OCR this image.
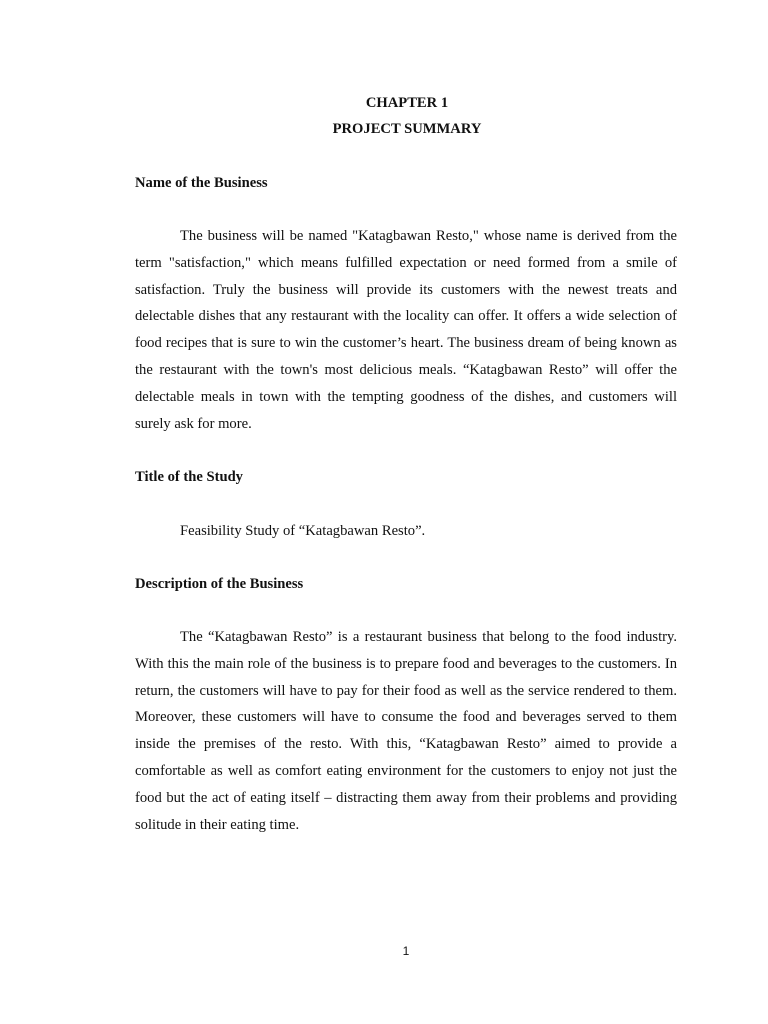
CHAPTER 1
PROJECT SUMMARY
Name of the Business

The business will be named "Katagbawan Resto," whose name is derived from the term "satisfaction," which means fulfilled expectation or need formed from a smile of satisfaction. Truly the business will provide its customers with the newest treats and delectable dishes that any restaurant with the locality can offer. It offers a wide selection of food recipes that is sure to win the customer’s heart. The business dream of being known as the restaurant with the town's most delicious meals. “Katagbawan Resto” will offer the delectable meals in town with the tempting goodness of the dishes, and customers will surely ask for more.

Title of the Study
Feasibility Study of “Katagbawan Resto”.
Description of the Business

The “Katagbawan Resto” is a restaurant business that belong to the food industry. With this the main role of the business is to prepare food and beverages to the customers. In return, the customers will have to pay for their food as well as the service rendered to them. Moreover, these customers will have to consume the food and beverages served to them inside the premises of the resto. With this, “Katagbawan Resto” aimed to provide a comfortable as well as comfort eating environment for the customers to enjoy not just the food but the act of eating itself – distracting them away from their problems and providing solitude in their eating time.

1
